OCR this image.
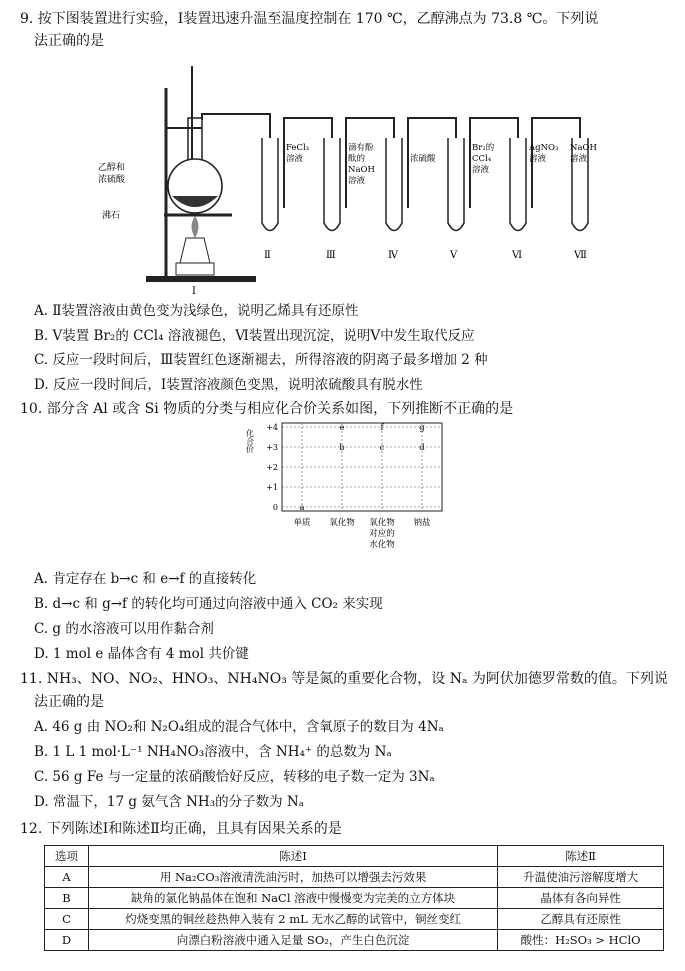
9. 按下图装置进行实验，Ⅰ装置迅速升温至温度控制在 170 ℃，乙醇沸点为 73.8 ℃。下列说
法正确的是
乙醇和
浓硫酸
沸石
Ⅰ
FeCl₃
溶液
滴有酚
酞的
NaOH
溶液
浓硫酸
Br₂的
CCl₄
溶液
AgNO₃
溶液
NaOH
溶液
Ⅱ	Ⅲ	Ⅳ	Ⅴ	Ⅵ	Ⅶ
A. Ⅱ装置溶液由黄色变为浅绿色，说明乙烯具有还原性
B. Ⅴ装置 Br₂的 CCl₄ 溶液褪色，Ⅵ装置出现沉淀，说明Ⅴ中发生取代反应
C. 反应一段时间后，Ⅲ装置红色逐渐褪去，所得溶液的阴离子最多增加 2 种
D. 反应一段时间后，Ⅰ装置溶液颜色变黑，说明浓硫酸具有脱水性
10. 部分含 Al 或含 Si 物质的分类与相应化合价关系如图，下列推断不正确的是
化合价
+4
+3
+2
+1
0
单质 氧化物 氧化物
对应的
水化物
钠盐
a
b	c	d
e	f	g
A. 肯定存在 b→c 和 e→f 的直接转化
B. d→c 和 g→f 的转化均可通过向溶液中通入 CO₂ 来实现
C. g 的水溶液可以用作黏合剂
D. 1 mol e 晶体含有 4 mol 共价键
11. NH₃、NO、NO₂、HNO₃、NH₄NO₃ 等是氮的重要化合物，设 Nₐ 为阿伏加德罗常数的值。下列说
法正确的是
A. 46 g 由 NO₂和 N₂O₄组成的混合气体中，含氧原子的数目为 4Nₐ
B. 1 L 1 mol·L⁻¹ NH₄NO₃溶液中，含 NH₄⁺ 的总数为 Nₐ
C. 56 g Fe 与一定量的浓硝酸恰好反应，转移的电子数一定为 3Nₐ
D. 常温下，17 g 氨气含 NH₃的分子数为 Nₐ
12. 下列陈述Ⅰ和陈述Ⅱ均正确，且具有因果关系的是
选项	陈述Ⅰ	陈述Ⅱ
A	用 Na₂CO₃溶液清洗油污时，加热可以增强去污效果	升温使油污溶解度增大
B	缺角的氯化钠晶体在饱和 NaCl 溶液中慢慢变为完美的立方体块	晶体有各向异性
C	灼烧变黑的铜丝趁热伸入装有 2 mL 无水乙醇的试管中，铜丝变红	乙醇具有还原性
D	向漂白粉溶液中通入足量 SO₂，产生白色沉淀	酸性：H₂SO₃ > HClO
